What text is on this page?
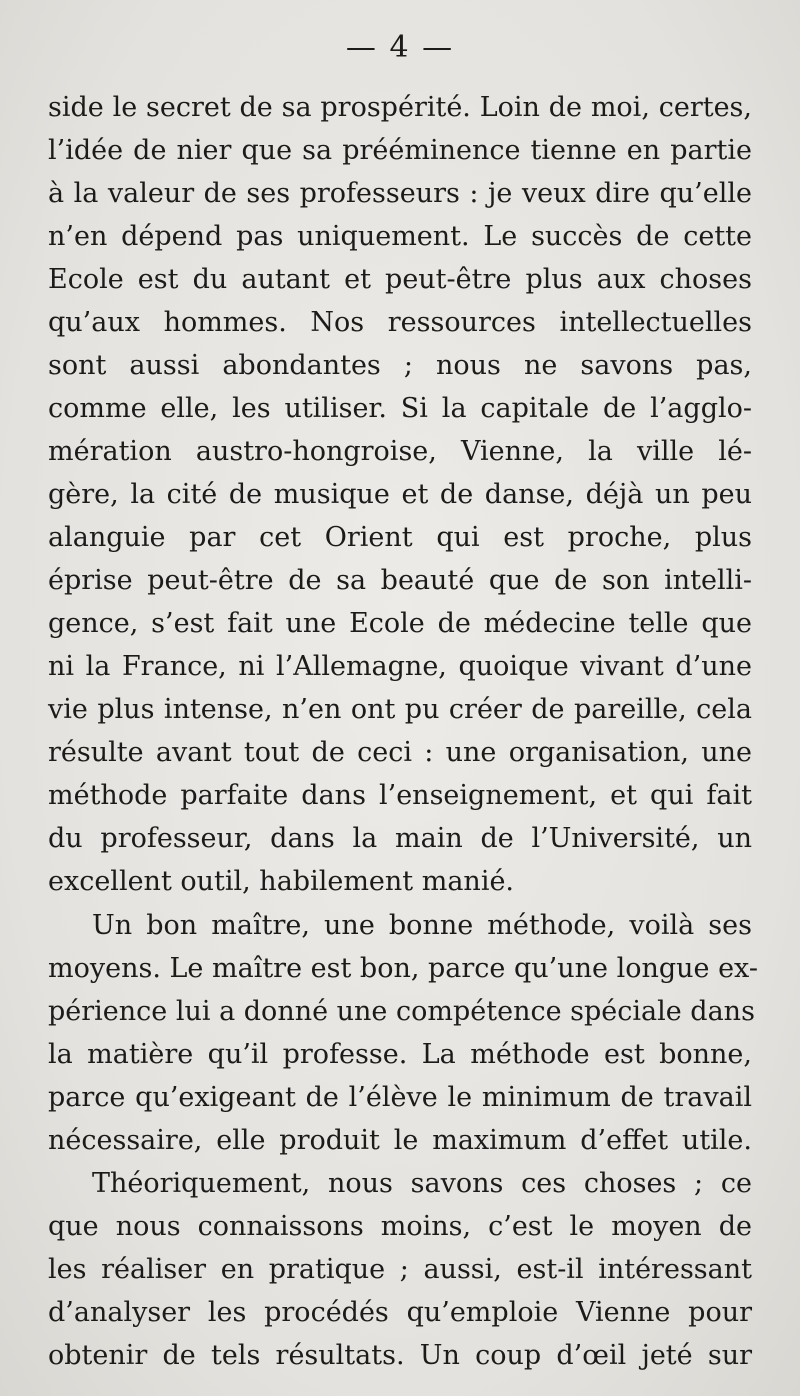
— 4 —
side le secret de sa prospérité. Loin de moi, certes,
l’idée de nier que sa prééminence tienne en partie
à la valeur de ses professeurs : je veux dire qu’elle
n’en dépend pas uniquement. Le succès de cette
Ecole est du autant et peut-être plus aux choses
qu’aux hommes. Nos ressources intellectuelles
sont aussi abondantes ; nous ne savons pas,
comme elle, les utiliser. Si la capitale de l’agglo-
mération austro-hongroise, Vienne, la ville lé-
gère, la cité de musique et de danse, déjà un peu
alanguie par cet Orient qui est proche, plus
éprise peut-être de sa beauté que de son intelli-
gence, s’est fait une Ecole de médecine telle que
ni la France, ni l’Allemagne, quoique vivant d’une
vie plus intense, n’en ont pu créer de pareille, cela
résulte avant tout de ceci : une organisation, une
méthode parfaite dans l’enseignement, et qui fait
du professeur, dans la main de l’Université, un
excellent outil, habilement manié.
Un bon maître, une bonne méthode, voilà ses
moyens. Le maître est bon, parce qu’une longue ex-
périence lui a donné une compétence spéciale dans
la matière qu’il professe. La méthode est bonne,
parce qu’exigeant de l’élève le minimum de travail
nécessaire, elle produit le maximum d’effet utile.
Théoriquement, nous savons ces choses ; ce
que nous connaissons moins, c’est le moyen de
les réaliser en pratique ; aussi, est-il intéressant
d’analyser les procédés qu’emploie Vienne pour
obtenir de tels résultats. Un coup d’œil jeté sur
